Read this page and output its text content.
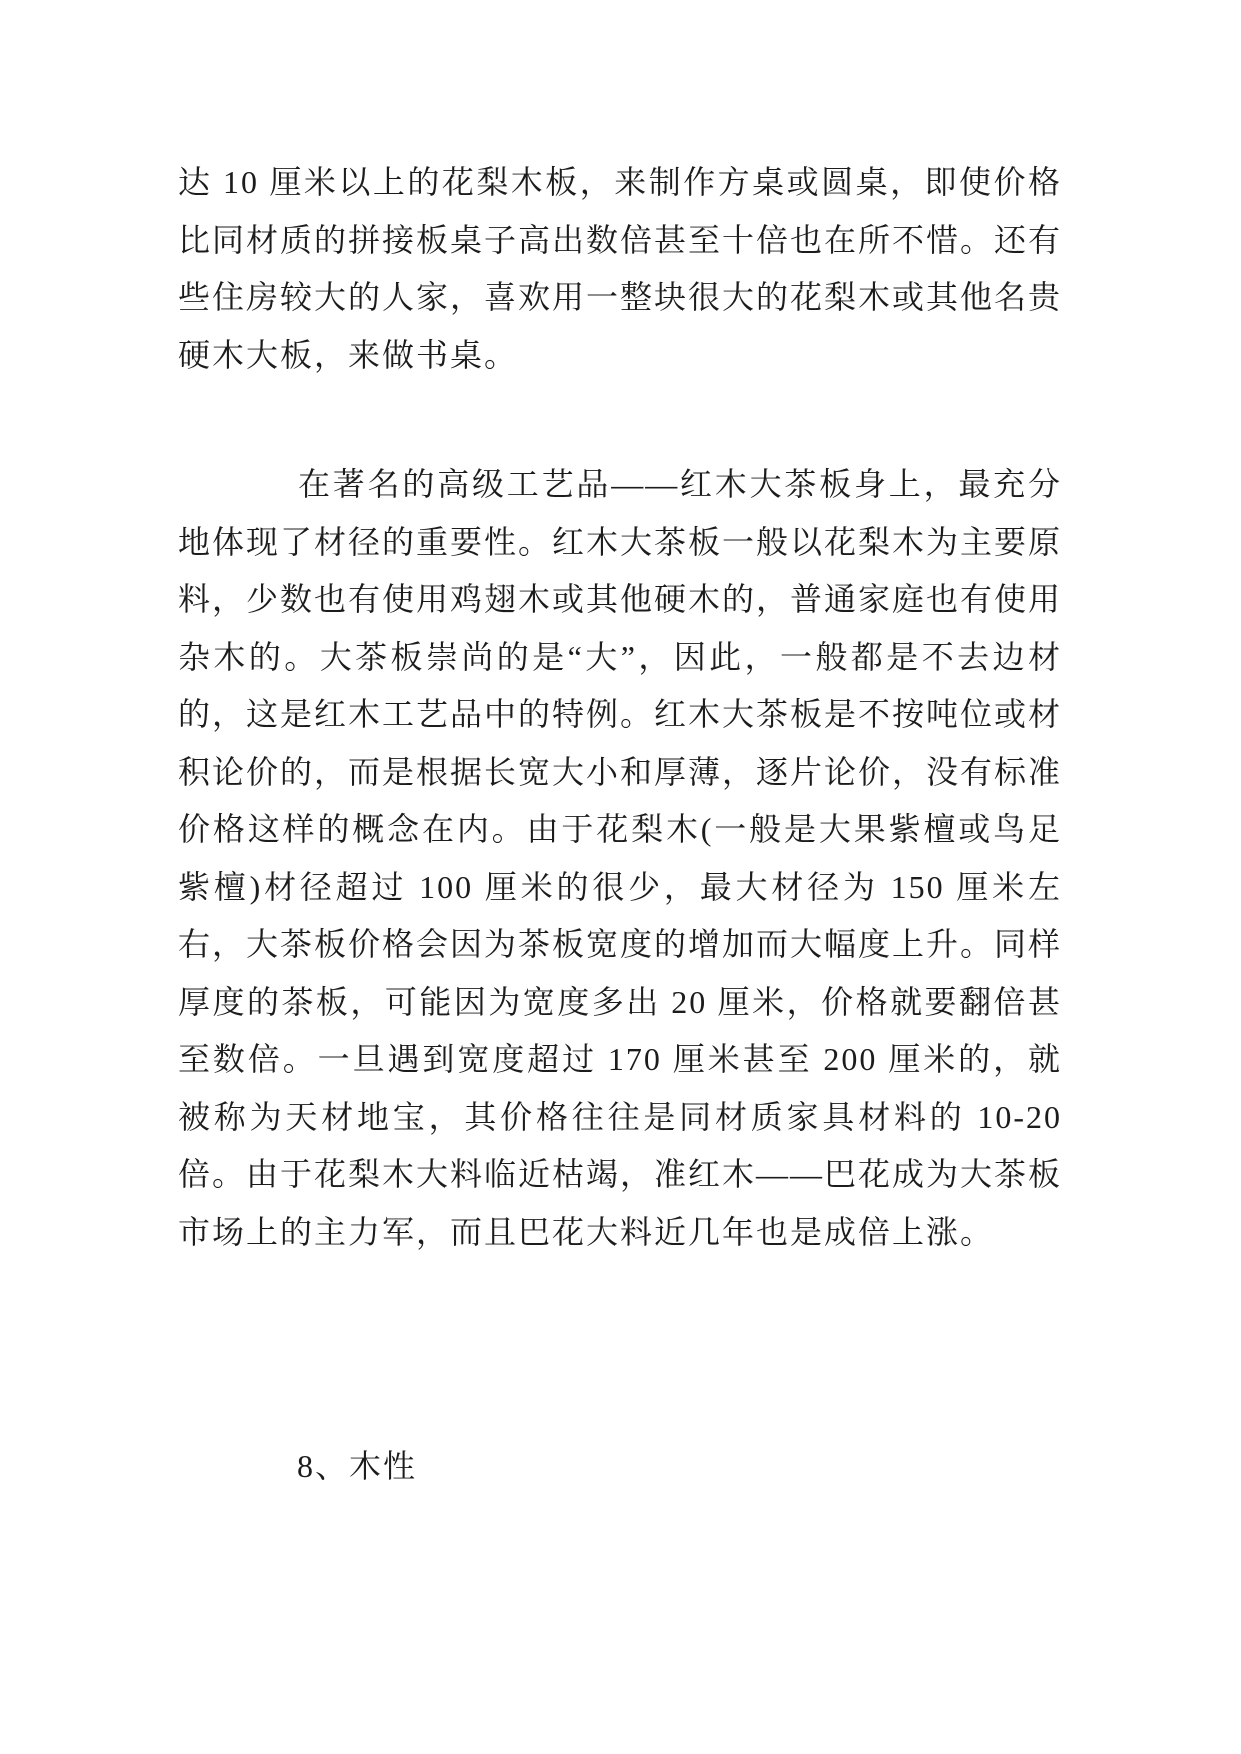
达 10 厘米以上的花梨木板，来制作方桌或圆桌，即使价格比同材质的拼接板桌子高出数倍甚至十倍也在所不惜。还有些住房较大的人家，喜欢用一整块很大的花梨木或其他名贵硬木大板，来做书桌。
在著名的高级工艺品——红木大茶板身上，最充分地体现了材径的重要性。红木大茶板一般以花梨木为主要原料，少数也有使用鸡翅木或其他硬木的，普通家庭也有使用杂木的。大茶板崇尚的是“大”，因此，一般都是不去边材的，这是红木工艺品中的特例。红木大茶板是不按吨位或材积论价的，而是根据长宽大小和厚薄，逐片论价，没有标准价格这样的概念在内。由于花梨木(一般是大果紫檀或鸟足紫檀)材径超过 100 厘米的很少，最大材径为 150 厘米左右，大茶板价格会因为茶板宽度的增加而大幅度上升。同样厚度的茶板，可能因为宽度多出 20 厘米，价格就要翻倍甚至数倍。一旦遇到宽度超过 170 厘米甚至 200 厘米的，就被称为天材地宝，其价格往往是同材质家具材料的 10-20 倍。由于花梨木大料临近枯竭，准红木——巴花成为大茶板市场上的主力军，而且巴花大料近几年也是成倍上涨。
8、木性
